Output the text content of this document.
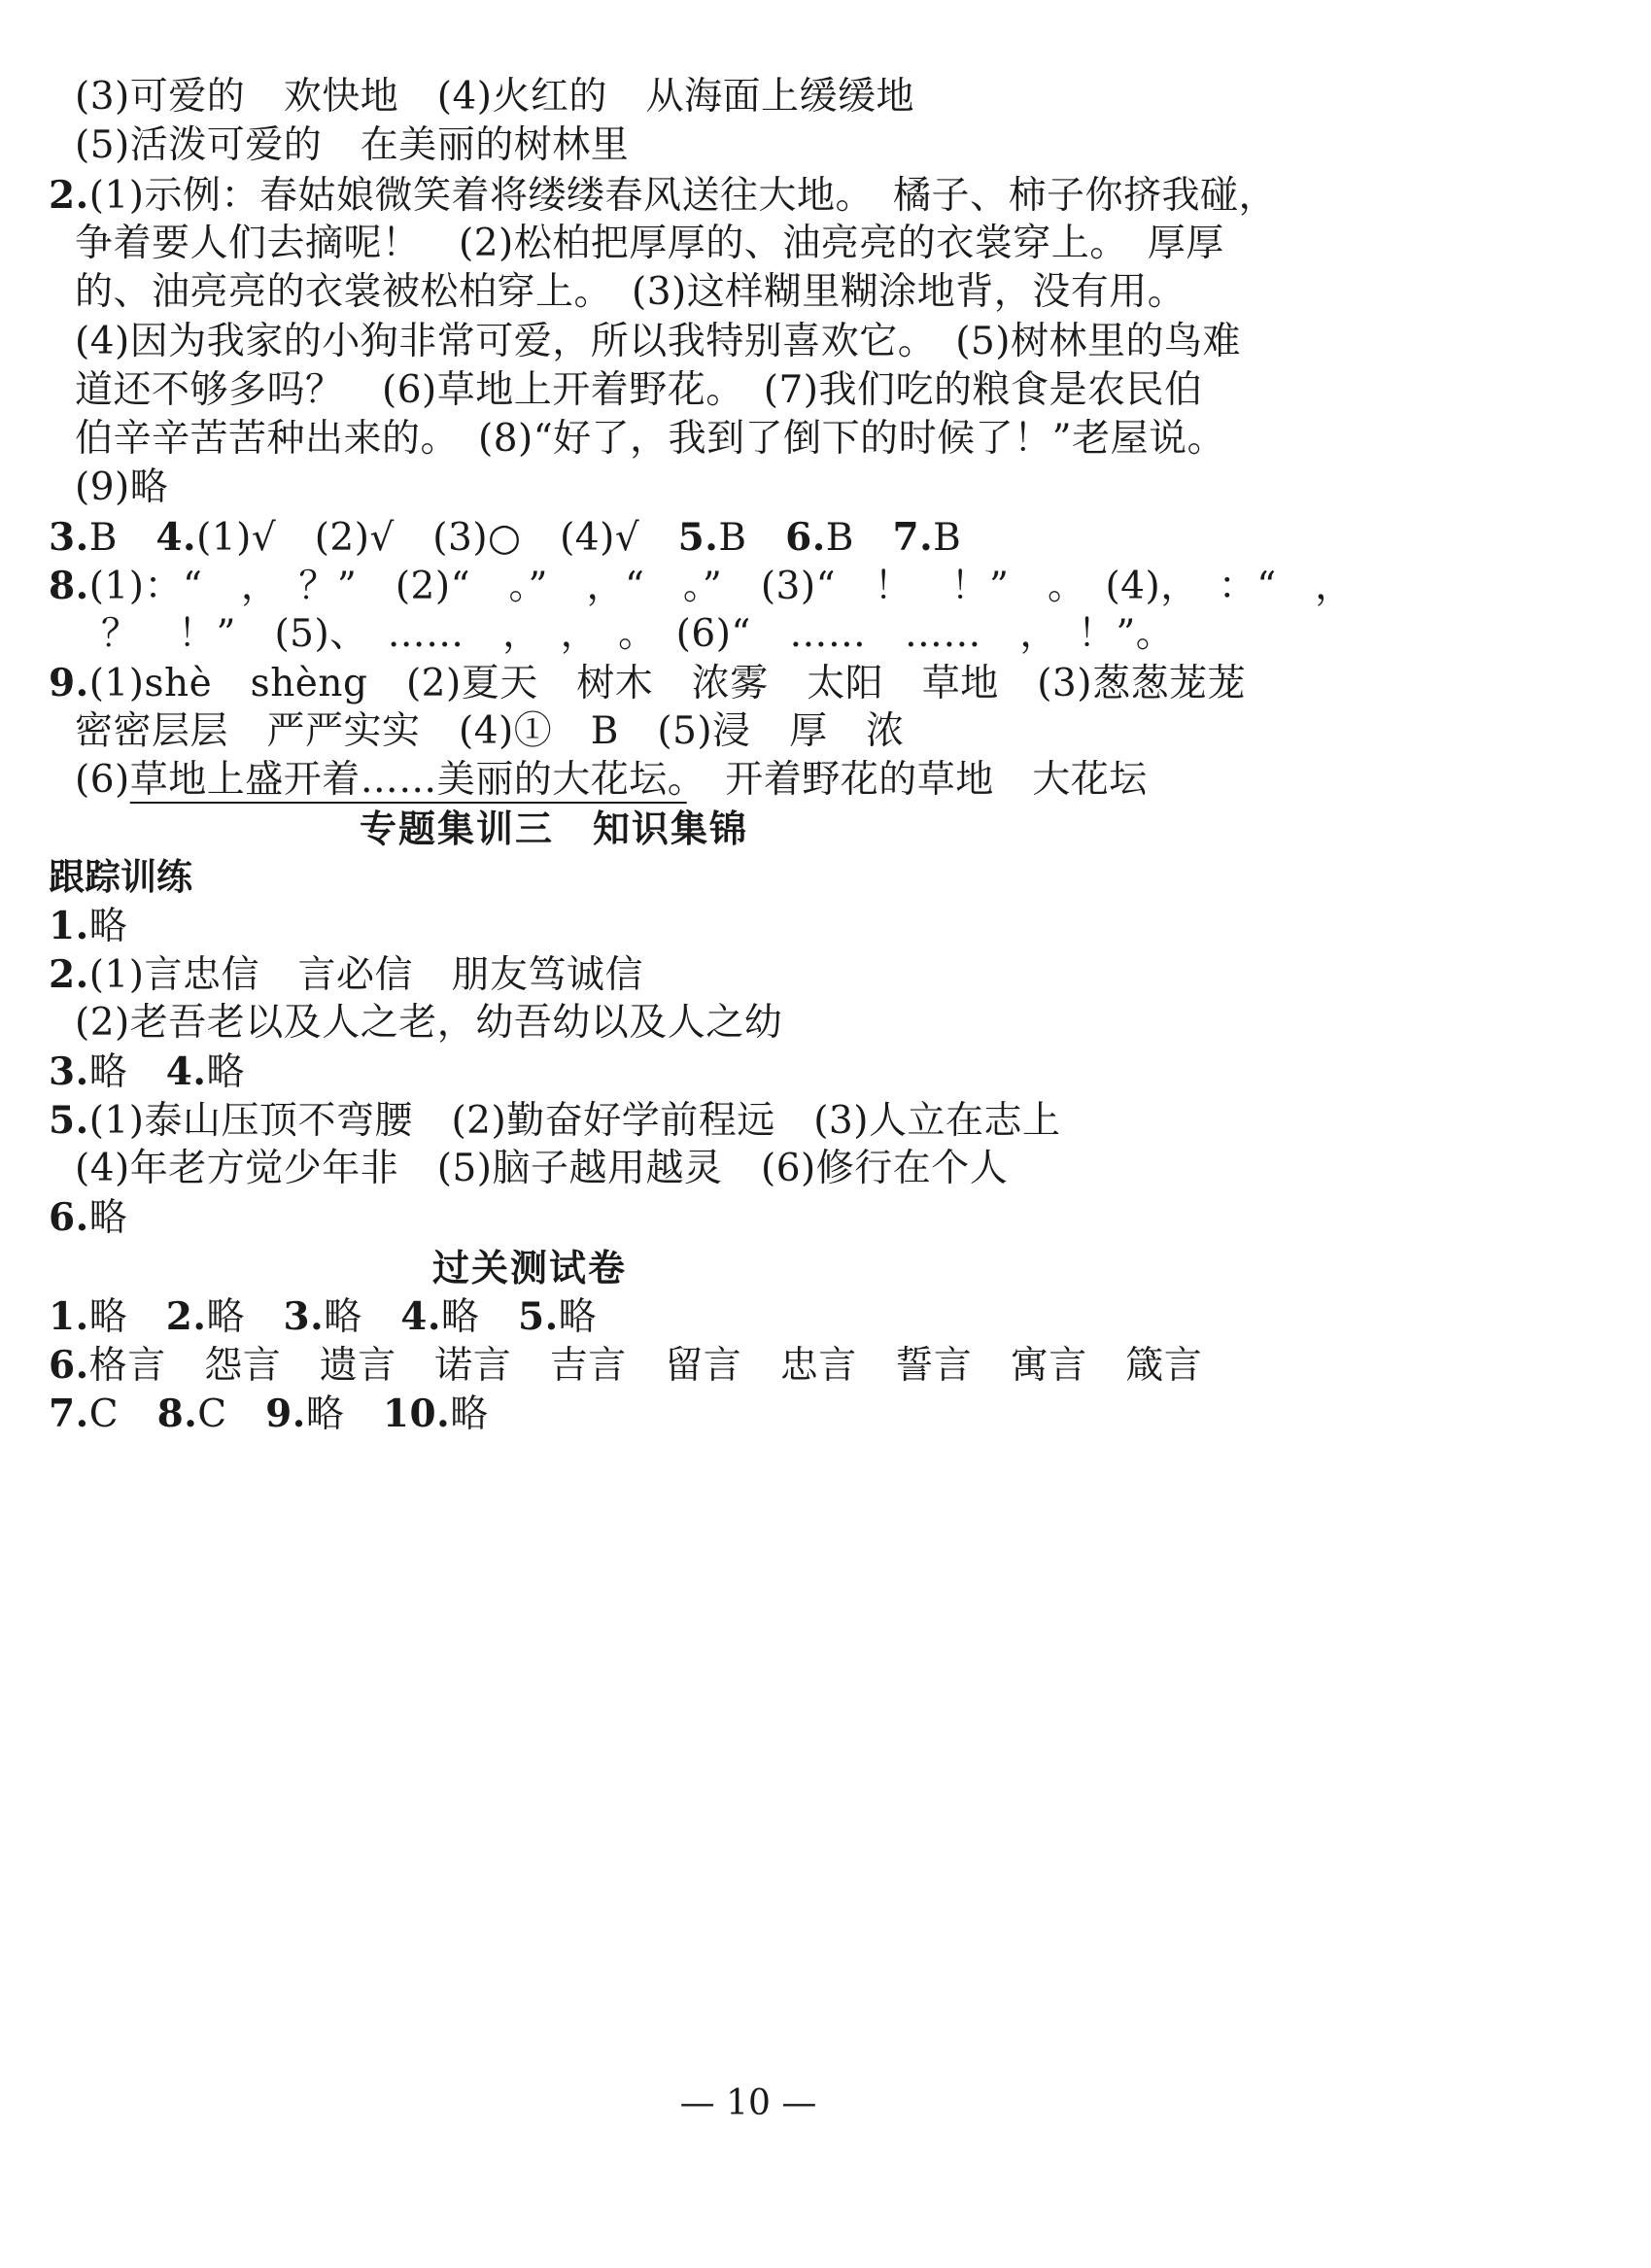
(3)可爱的　欢快地　(4)火红的　从海面上缓缓地
(5)活泼可爱的　在美丽的树林里
2.(1)示例：春姑娘微笑着将缕缕春风送往大地。　橘子、柿子你挤我碰，
争着要人们去摘呢！　(2)松柏把厚厚的、油亮亮的衣裳穿上。　厚厚
的、油亮亮的衣裳被松柏穿上。　(3)这样糊里糊涂地背，没有用。
(4)因为我家的小狗非常可爱，所以我特别喜欢它。　(5)树林里的鸟难
道还不够多吗？　(6)草地上开着野花。　(7)我们吃的粮食是农民伯
伯辛辛苦苦种出来的。　(8)“好了，我到了倒下的时候了！”老屋说。
(9)略
3.B　4.(1)√　(2)√　(3)○　(4)√　5.B　6.B　7.B
8.(1)：“　，　？”　(2)“　。”　，“　。”　(3)“　！　！”　。　(4)，　：“　，
？　！”　(5)、　……　，　，　。　(6)“　……　……　，　！”。
9.(1)shè　shèng　(2)夏天　树木　浓雾　太阳　草地　(3)葱葱茏茏
密密层层　严严实实　(4)①　B　(5)浸　厚　浓
(6)草地上盛开着……美丽的大花坛。　开着野花的草地　大花坛
专题集训三　知识集锦
跟踪训练
1.略
2.(1)言忠信　言必信　朋友笃诚信
(2)老吾老以及人之老，幼吾幼以及人之幼
3.略　4.略
5.(1)泰山压顶不弯腰　(2)勤奋好学前程远　(3)人立在志上
(4)年老方觉少年非　(5)脑子越用越灵　(6)修行在个人
6.略
过关测试卷
1.略　2.略　3.略　4.略　5.略
6.格言　怨言　遗言　诺言　吉言　留言　忠言　誓言　寓言　箴言
7.C　8.C　9.略　10.略
— 10 —
